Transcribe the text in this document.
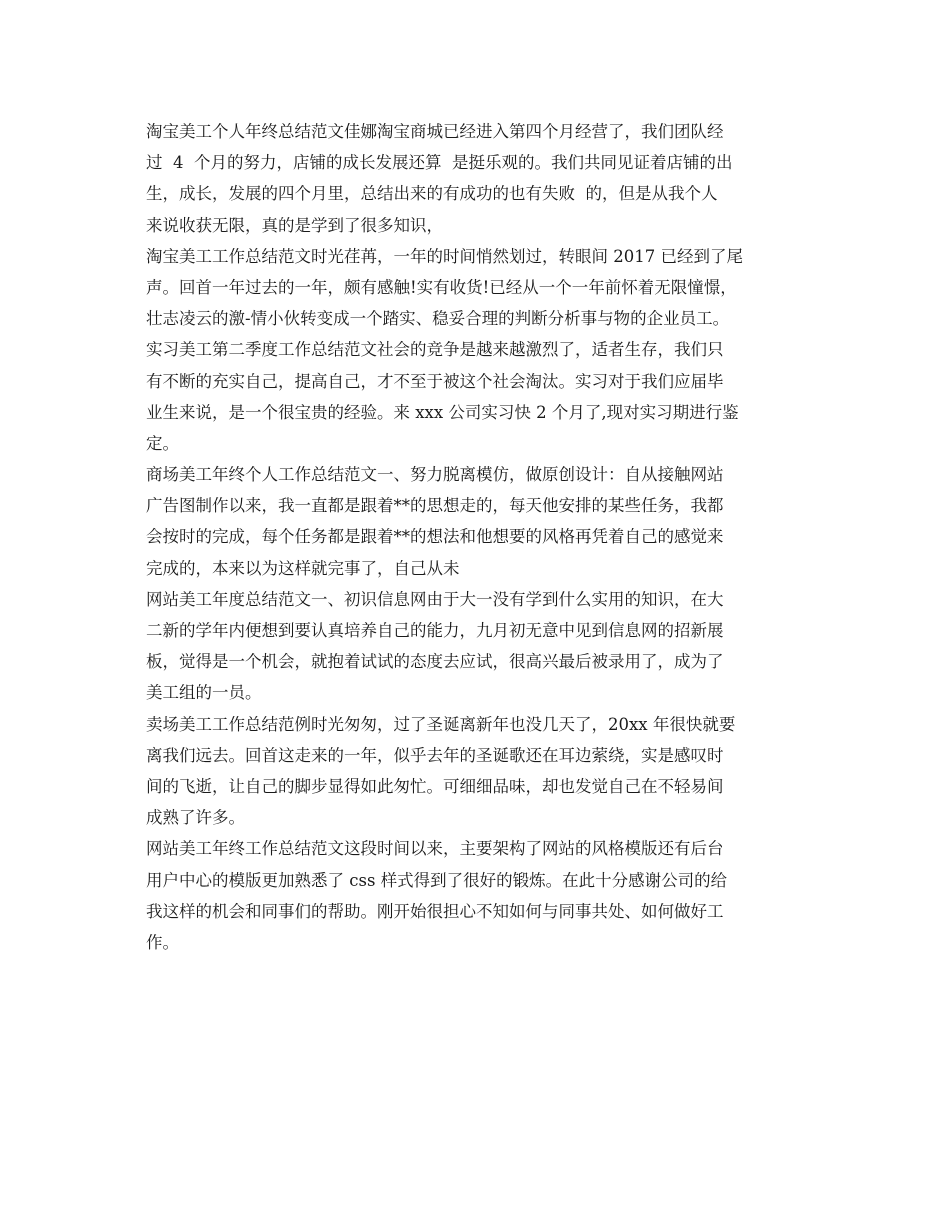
淘宝美工个人年终总结范文佳娜淘宝商城已经进入第四个月经营了，我们团队经
过  4  个月的努力，店铺的成长发展还算  是挺乐观的。我们共同见证着店铺的出
生，成长，发展的四个月里，总结出来的有成功的也有失败  的，但是从我个人
来说收获无限，真的是学到了很多知识，
淘宝美工工作总结范文时光荏苒，一年的时间悄然划过，转眼间 2017 已经到了尾
声。回首一年过去的一年，颇有感触!实有收货!已经从一个一年前怀着无限憧憬，
壮志凌云的激-情小伙转变成一个踏实、稳妥合理的判断分析事与物的企业员工。
实习美工第二季度工作总结范文社会的竞争是越来越激烈了，适者生存，我们只
有不断的充实自己，提高自己，才不至于被这个社会淘汰。实习对于我们应届毕
业生来说，是一个很宝贵的经验。来 xxx 公司实习快 2 个月了,现对实习期进行鉴
定。
商场美工年终个人工作总结范文一、努力脱离模仿，做原创设计：自从接触网站
广告图制作以来，我一直都是跟着**的思想走的，每天他安排的某些任务，我都
会按时的完成，每个任务都是跟着**的想法和他想要的风格再凭着自己的感觉来
完成的，本来以为这样就完事了，自己从未
网站美工年度总结范文一、初识信息网由于大一没有学到什么实用的知识，在大
二新的学年内便想到要认真培养自己的能力，九月初无意中见到信息网的招新展
板，觉得是一个机会，就抱着试试的态度去应试，很高兴最后被录用了，成为了
美工组的一员。
卖场美工工作总结范例时光匆匆，过了圣诞离新年也没几天了，20xx 年很快就要
离我们远去。回首这走来的一年，似乎去年的圣诞歌还在耳边萦绕，实是感叹时
间的飞逝，让自己的脚步显得如此匆忙。可细细品味，却也发觉自己在不轻易间
成熟了许多。
网站美工年终工作总结范文这段时间以来，主要架构了网站的风格模版还有后台
用户中心的模版更加熟悉了 css 样式得到了很好的锻炼。在此十分感谢公司的给
我这样的机会和同事们的帮助。刚开始很担心不知如何与同事共处、如何做好工
作。
